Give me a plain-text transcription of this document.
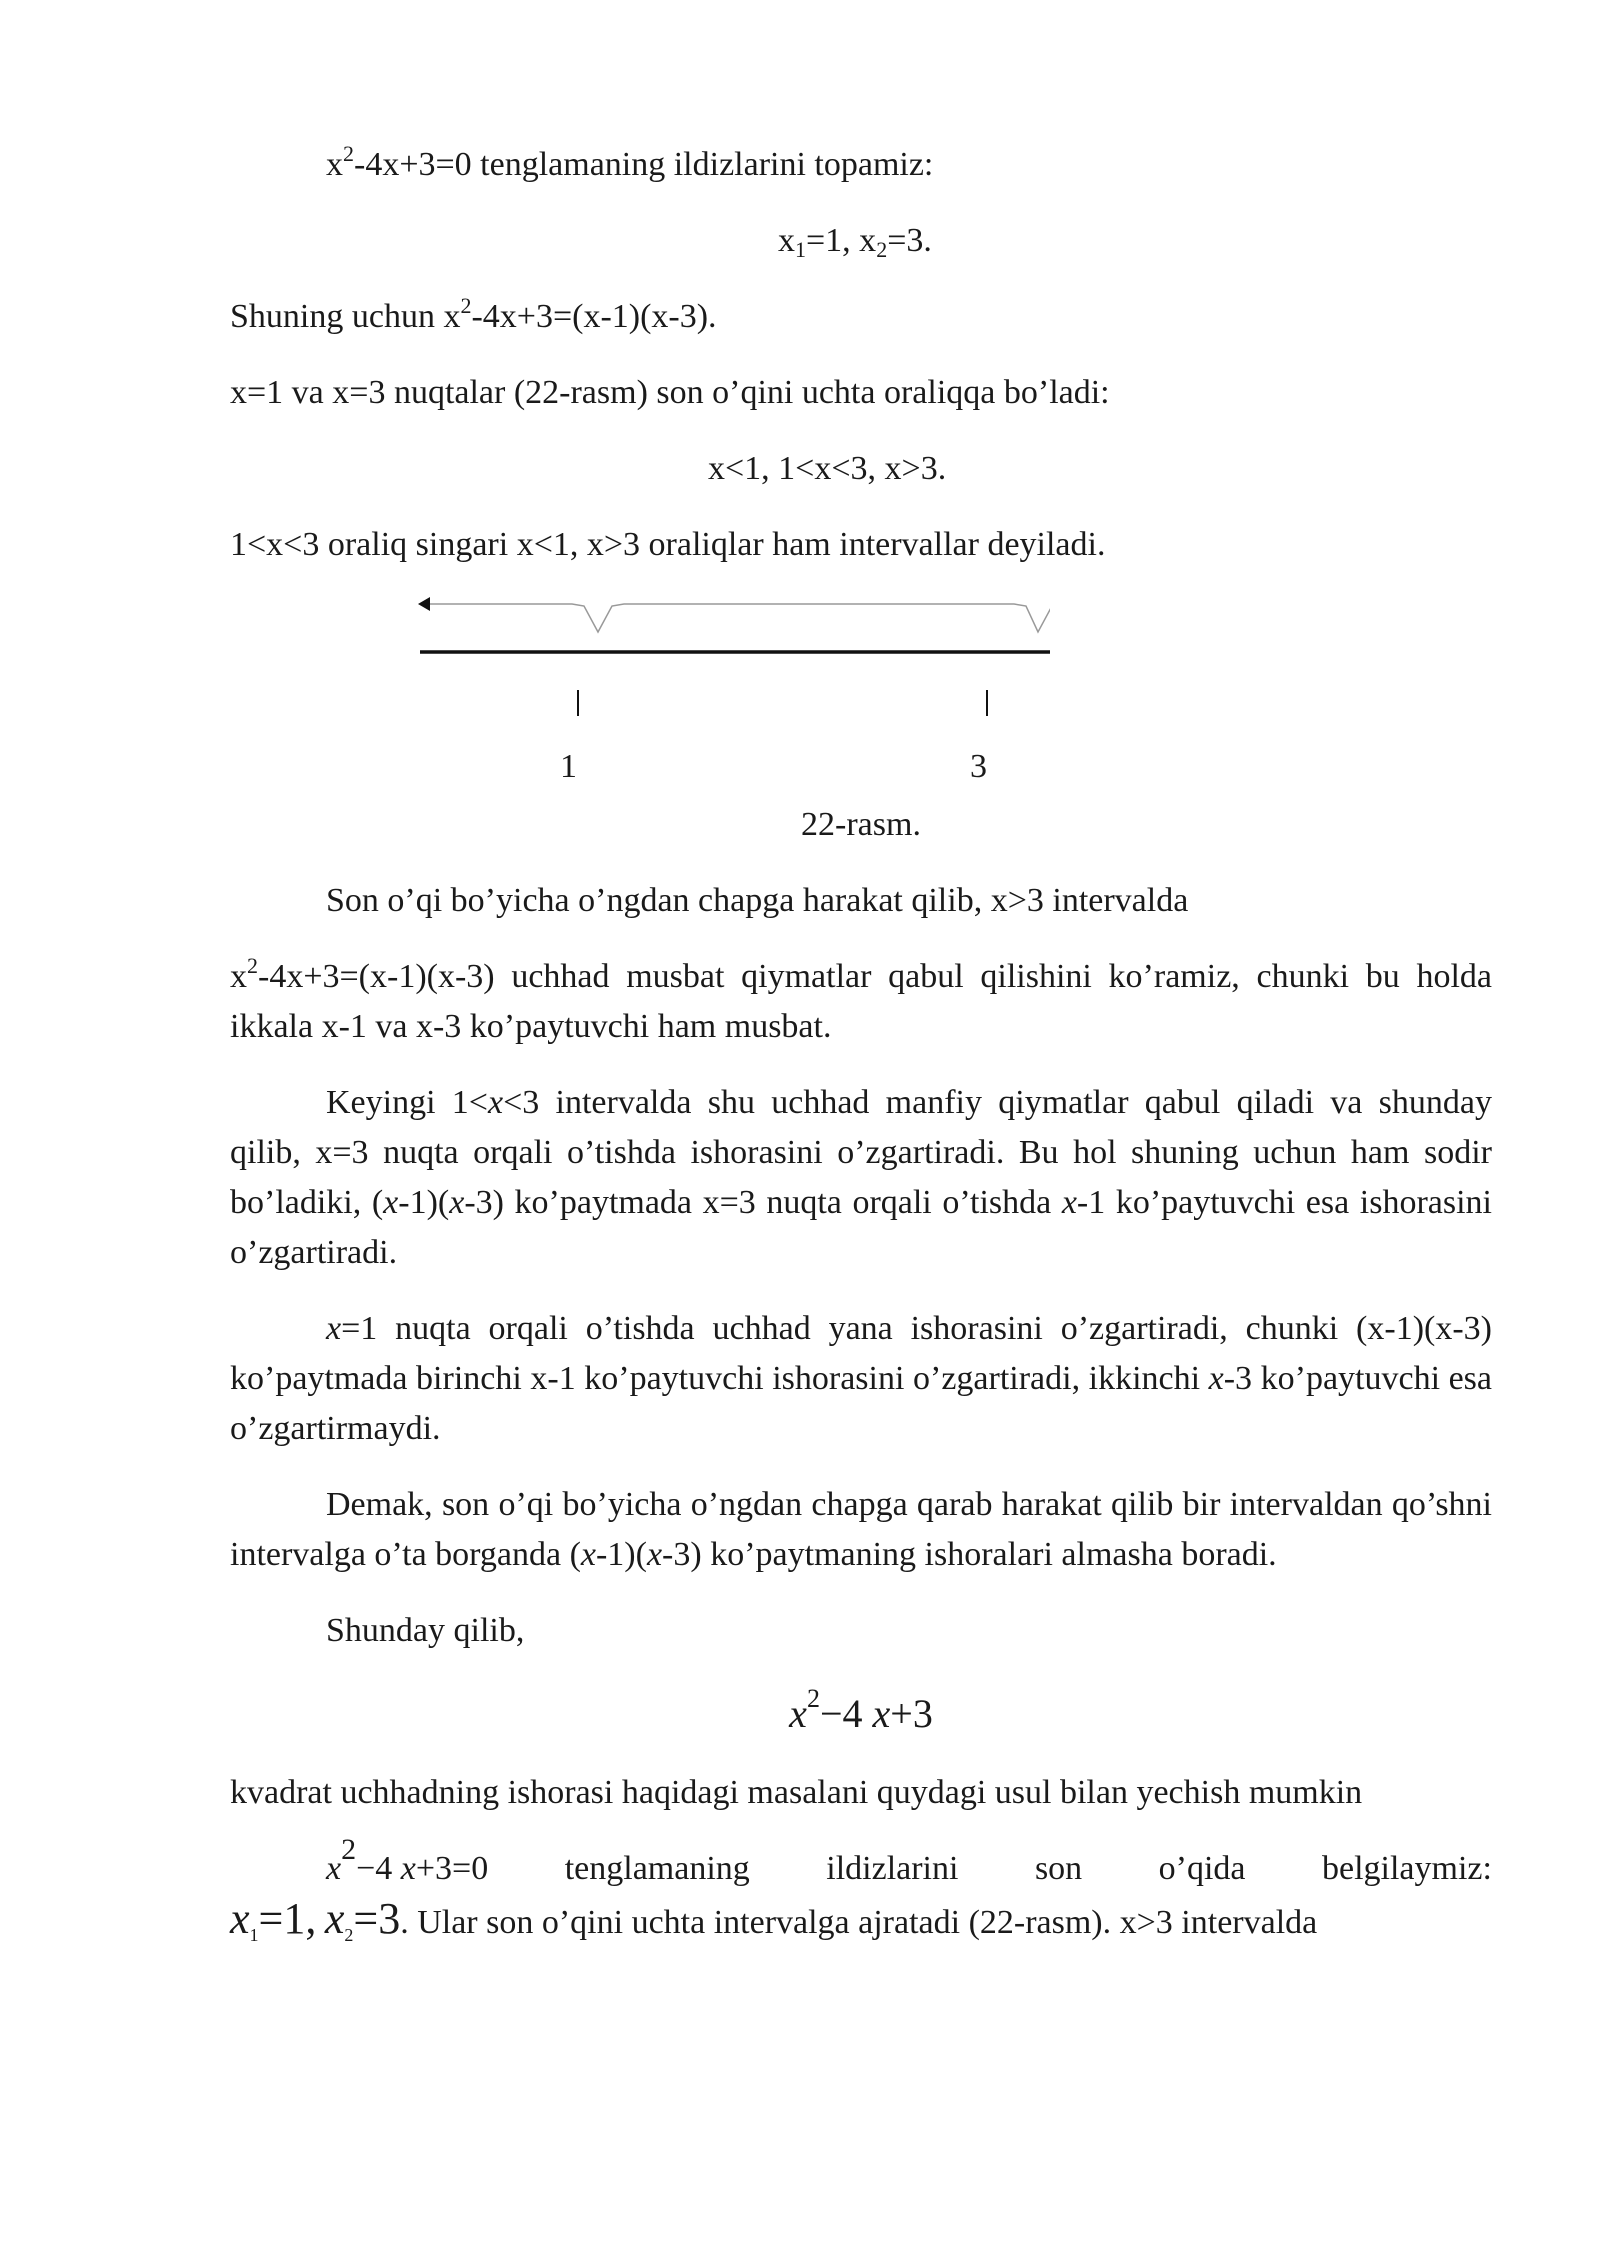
$x^2-4x+3=0$ tenglamaning ildizlarini topamiz:

$x_1=1$, $x_2=3$.

Shuning uchun $x^2-4x+3=(x-1)(x-3)$.

x=1 va x=3 nuqtalar (22-rasm) son o’qini uchta oraliqqa bo’ladi:

x<1, 1<x<3, x>3.

1<x<3 oraliq singari x<1, x>3 oraliqlar ham intervallar deyiladi.

1	3

22-rasm.

Son o’qi bo’yicha o’ngdan chapga harakat qilib, x>3 intervalda

$x^2-4x+3=(x-1)(x-3)$ uchhad musbat qiymatlar qabul qilishini ko’ramiz, chunki bu holda ikkala x-1 va x-3 ko’paytuvchi ham musbat.

Keyingi 1<x<3 intervalda shu uchhad manfiy qiymatlar qabul qiladi va shunday qilib, x=3 nuqta orqali o’tishda ishorasini o’zgartiradi. Bu hol shuning uchun ham sodir bo’ladiki, (x-1)(x-3) ko’paytmada x=3 nuqta orqali o’tishda x-1 ko’paytuvchi esa ishorasini o’zgartiradi.

x=1 nuqta orqali o’tishda uchhad yana ishorasini o’zgartiradi, chunki (x-1)(x-3) ko’paytmada birinchi x-1 ko’paytuvchi ishorasini o’zgartiradi, ikkinchi x-3 ko’paytuvchi esa o’zgartirmaydi.

Demak, son o’qi bo’yicha o’ngdan chapga qarab harakat qilib bir intervaldan qo’shni intervalga o’ta borganda (x-1)(x-3) ko’paytmaning ishoralari almasha boradi.

Shunday qilib,

$x^2-4$ x+3

kvadrat uchhadning ishorasi haqidagi masalani quydagi usul bilan yechish mumkin

x2−4 x+3=0 tenglamaning ildizlarini son o’qida belgilaymiz:

$x_1=1$, $x_2=3$. Ular son o’qini uchta intervalga ajratadi (22-rasm). x>3 intervalda
